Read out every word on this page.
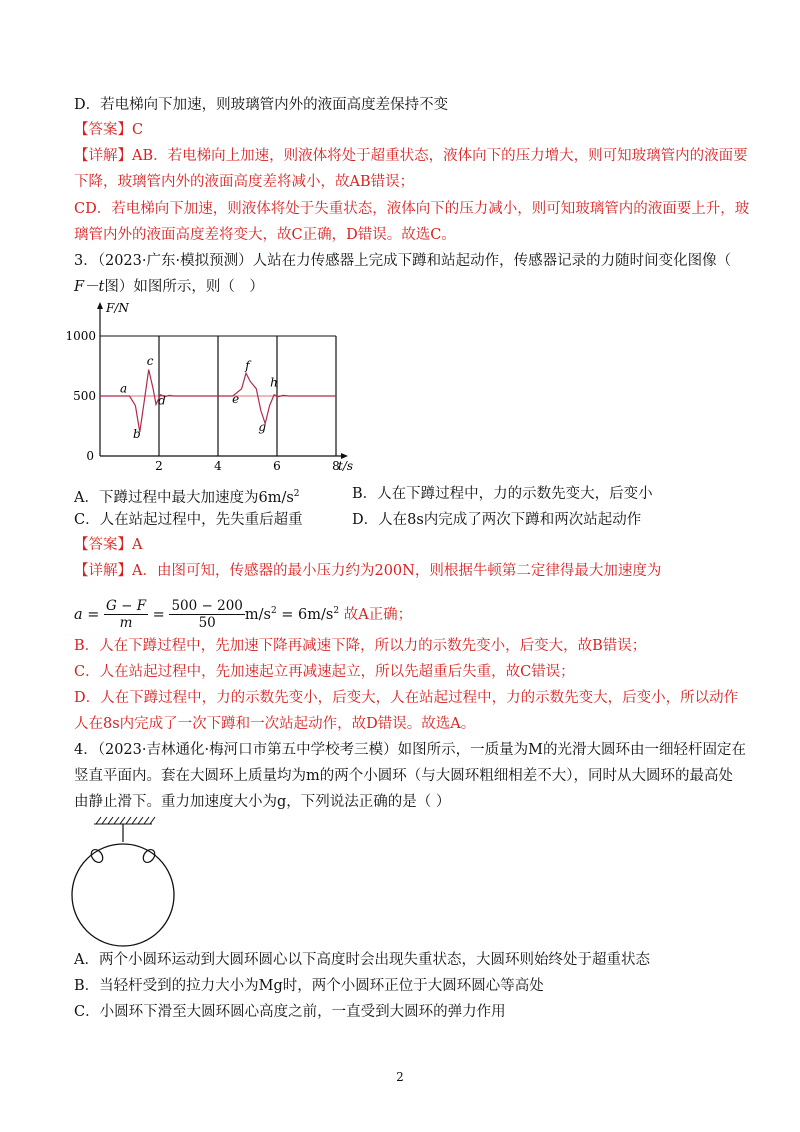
D．若电梯向下加速，则玻璃管内外的液面高度差保持不变
【答案】C
【详解】AB．若电梯向上加速，则液体将处于超重状态，液体向下的压力增大，则可知玻璃管内的液面要
下降，玻璃管内外的液面高度差将减小，故AB错误；
CD．若电梯向下加速，则液体将处于失重状态，液体向下的压力减小，则可知玻璃管内的液面要上升，玻
璃管内外的液面高度差将变大，故C正确，D错误。故选C。
3．（2023·广东·模拟预测）人站在力传感器上完成下蹲和站起动作，传感器记录的力随时间变化图像（
F－t图）如图所示，则（　）
F/N
t/s
500
1000
0
2	4	6	8
a
b
c
d	e
f
g
h
A．下蹲过程中最大加速度为$6m/s^2$	B．人在下蹲过程中，力的示数先变大，后变小
C．人在站起过程中，先失重后超重	D．人在8s内完成了两次下蹲和两次站起动作
【答案】A
【详解】A．由图可知，传感器的最小压力约为200N，则根据牛顿第二定律得最大加速度为
$a = \frac{G - F}{m} = \frac{500 - 200}{50} m/s^2 = 6m/s^2$ 故A正确；
B．人在下蹲过程中，先加速下降再减速下降，所以力的示数先变小，后变大，故B错误；
C．人在站起过程中，先加速起立再减速起立，所以先超重后失重，故C错误；
D．人在下蹲过程中，力的示数先变小，后变大，人在站起过程中，力的示数先变大，后变小，所以动作
人在8s内完成了一次下蹲和一次站起动作，故D错误。故选A。
4．（2023·吉林通化·梅河口市第五中学校考三模）如图所示，一质量为M的光滑大圆环由一细轻杆固定在
竖直平面内。套在大圆环上质量均为m的两个小圆环（与大圆环粗细相差不大），同时从大圆环的最高处
由静止滑下。重力加速度大小为g，下列说法正确的是（ ）
A．两个小圆环运动到大圆环圆心以下高度时会出现失重状态，大圆环则始终处于超重状态
B．当轻杆受到的拉力大小为Mg时，两个小圆环正位于大圆环圆心等高处
C．小圆环下滑至大圆环圆心高度之前，一直受到大圆环的弹力作用
2
